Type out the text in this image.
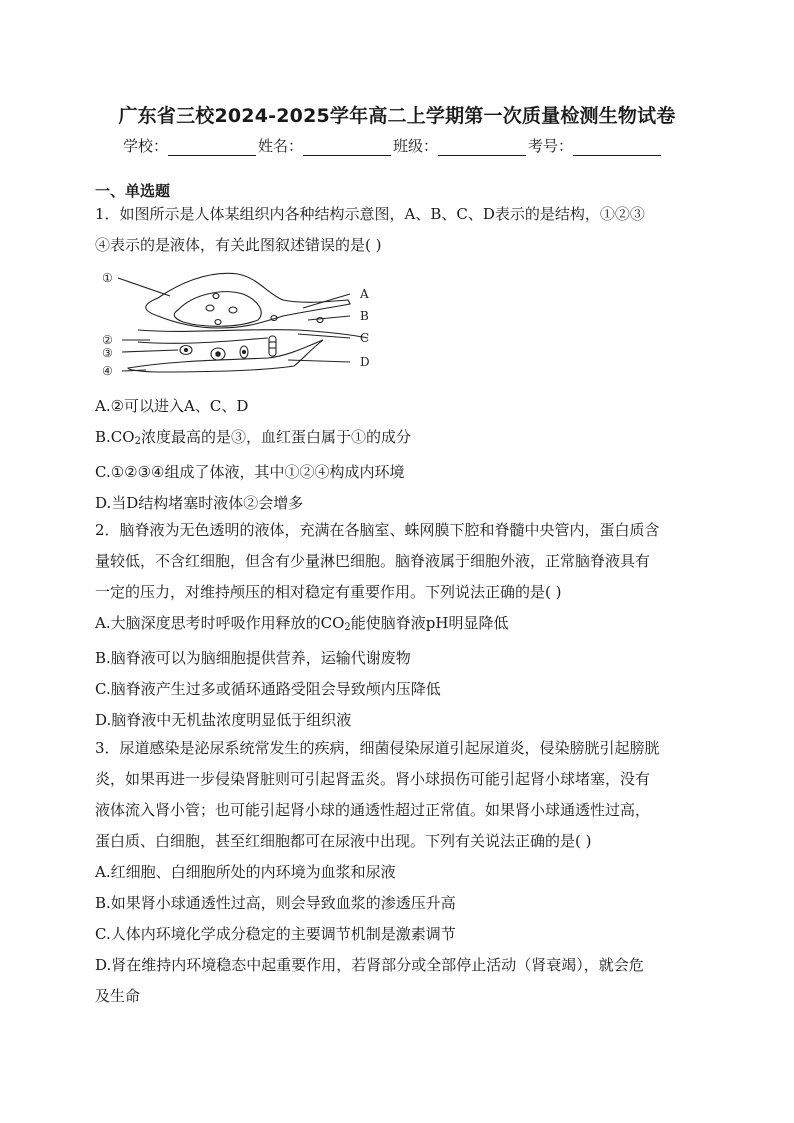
广东省三校2024-2025学年高二上学期第一次质量检测生物试卷
学校：	姓名：	班级：	考号：
一、单选题

1．如图所示是人体某组织内各种结构示意图，A、B、C、D表示的是结构，①②③

④表示的是液体，有关此图叙述错误的是( )

①
②
③
④
A
B
C
D

A.②可以进入A、C、D

$B.CO_2$浓度最高的是③，血红蛋白属于①的成分

C.①②③④组成了体液，其中①②④构成内环境

D.当D结构堵塞时液体②会增多

2．脑脊液为无色透明的液体，充满在各脑室、蛛网膜下腔和脊髓中央管内，蛋白质含

量较低，不含红细胞，但含有少量淋巴细胞。脑脊液属于细胞外液，正常脑脊液具有

一定的压力，对维持颅压的相对稳定有重要作用。下列说法正确的是( )

A.大脑深度思考时呼吸作用释放的$CO_2$能使脑脊液pH明显降低

B.脑脊液可以为脑细胞提供营养，运输代谢废物

C.脑脊液产生过多或循环通路受阻会导致颅内压降低

D.脑脊液中无机盐浓度明显低于组织液

3．尿道感染是泌尿系统常发生的疾病，细菌侵染尿道引起尿道炎，侵染膀胱引起膀胱

炎，如果再进一步侵染肾脏则可引起肾盂炎。肾小球损伤可能引起肾小球堵塞，没有

液体流入肾小管；也可能引起肾小球的通透性超过正常值。如果肾小球通透性过高，

蛋白质、白细胞，甚至红细胞都可在尿液中出现。下列有关说法正确的是( )

A.红细胞、白细胞所处的内环境为血浆和尿液

B.如果肾小球通透性过高，则会导致血浆的渗透压升高

C.人体内环境化学成分稳定的主要调节机制是激素调节

D.肾在维持内环境稳态中起重要作用，若肾部分或全部停止活动（肾衰竭），就会危

及生命
